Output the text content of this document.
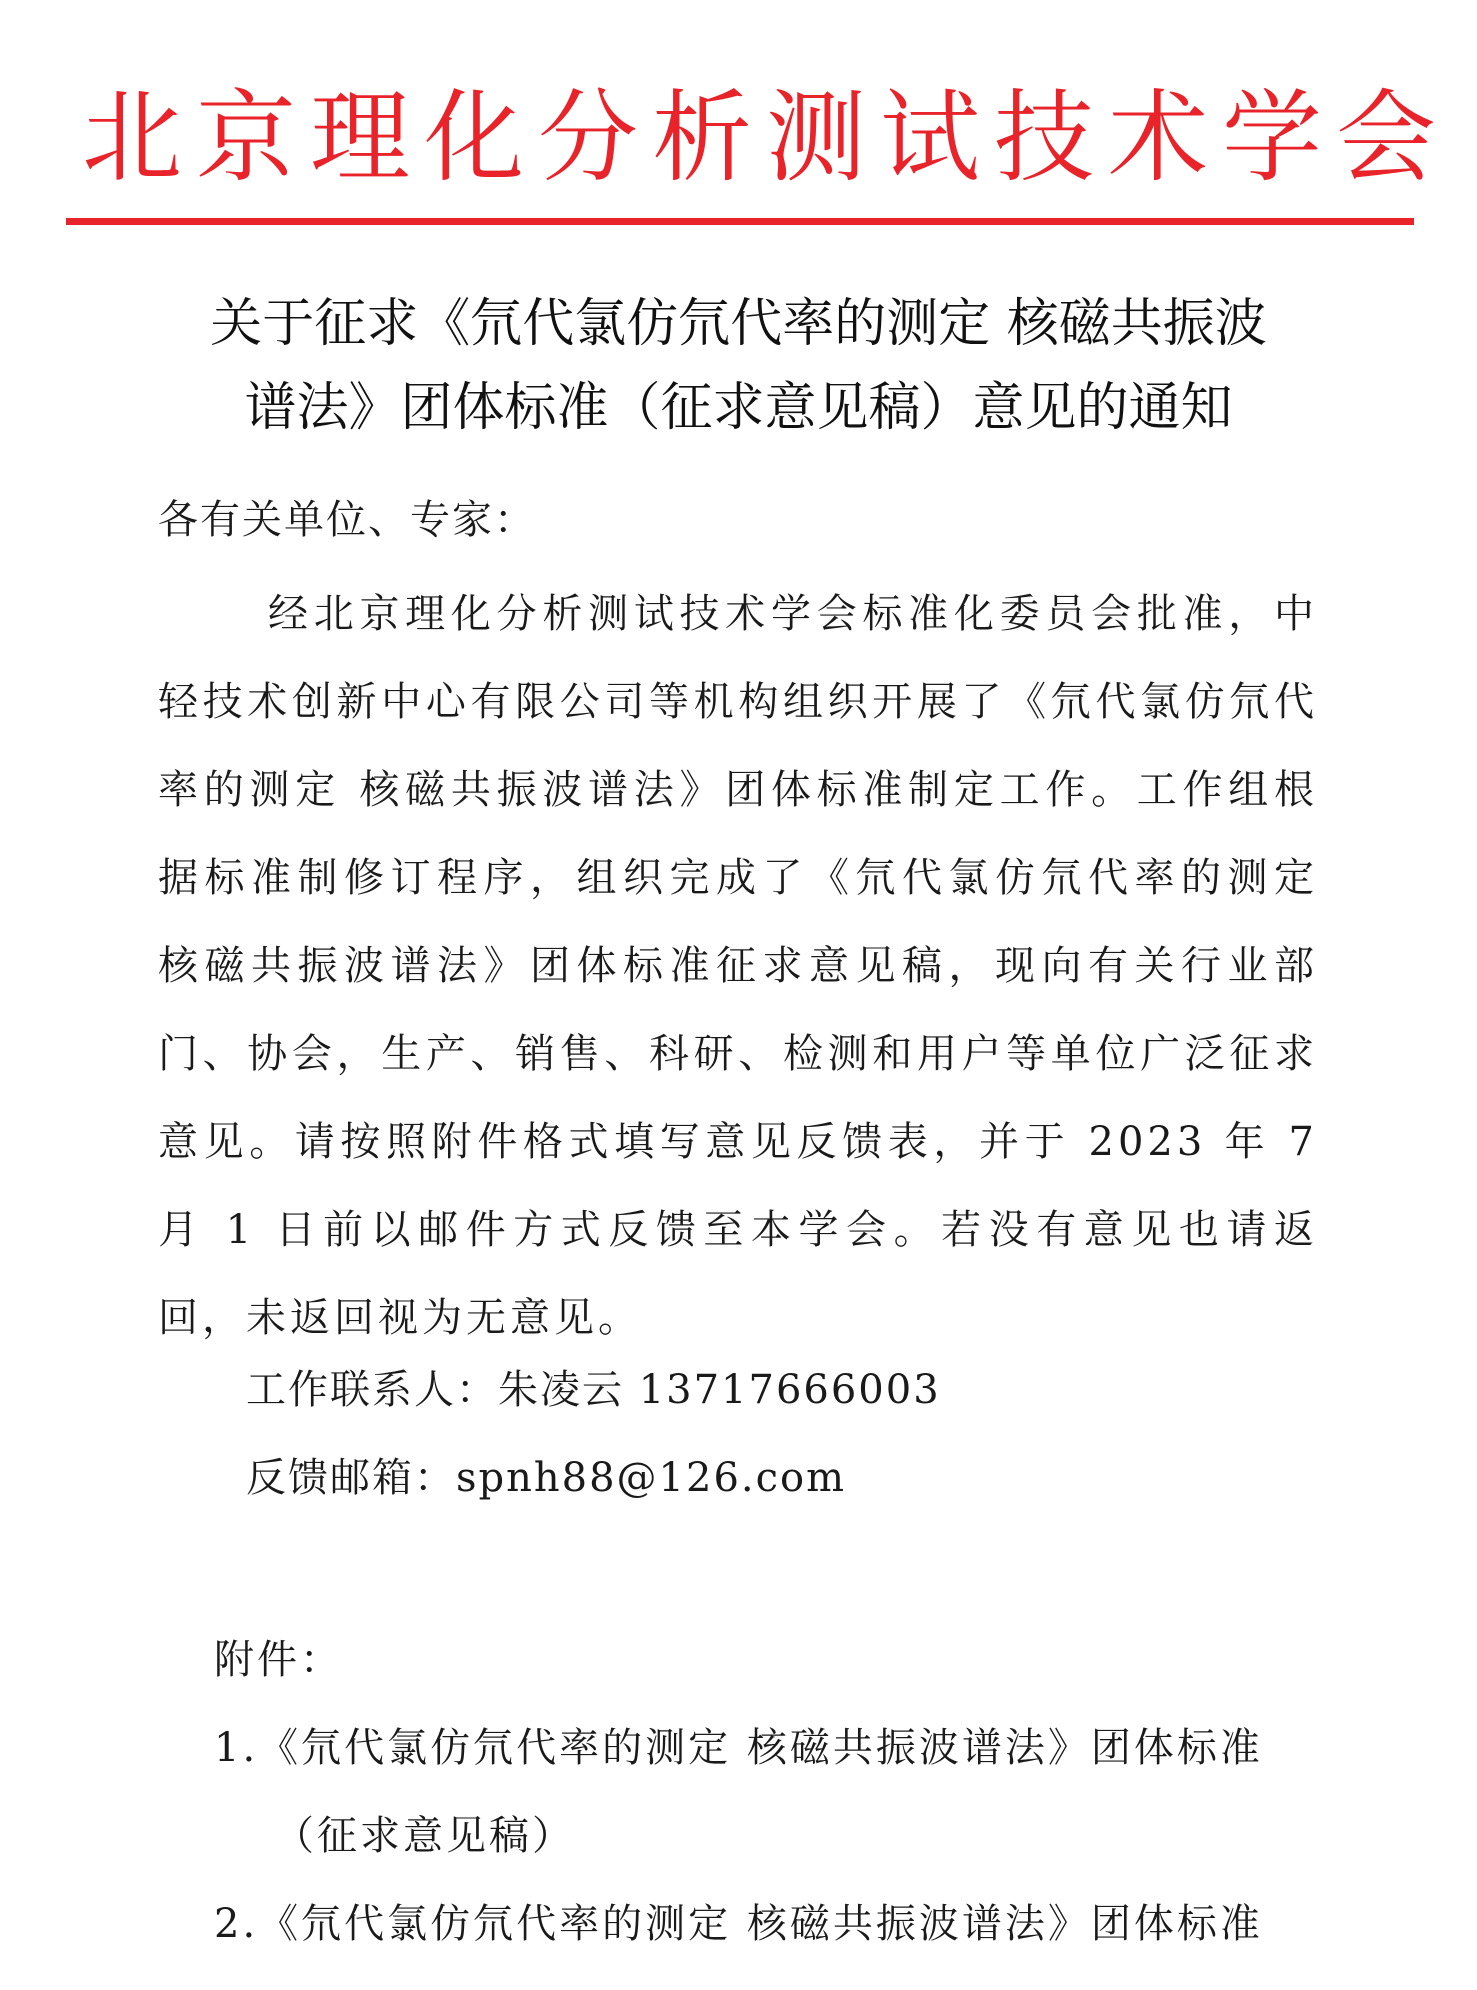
北京理化分析测试技术学会
关于征求《氘代氯仿氘代率的测定 核磁共振波
谱法》团体标准（征求意见稿）意见的通知
各有关单位、专家：
经北京理化分析测试技术学会标准化委员会批准，中轻技术创新中心有限公司等机构组织开展了《氘代氯仿氘代率的测定 核磁共振波谱法》团体标准制定工作。工作组根据标准制修订程序，组织完成了《氘代氯仿氘代率的测定 核磁共振波谱法》团体标准征求意见稿，现向有关行业部门、协会，生产、销售、科研、检测和用户等单位广泛征求意见。请按照附件格式填写意见反馈表，并于 2023 年 7 月 1 日前以邮件方式反馈至本学会。若没有意见也请返回，未返回视为无意见。
工作联系人：朱凌云 13717666003
反馈邮箱：spnh88@126.com
附件：
1.《氘代氯仿氘代率的测定 核磁共振波谱法》团体标准
（征求意见稿）
2.《氘代氯仿氘代率的测定 核磁共振波谱法》团体标准
